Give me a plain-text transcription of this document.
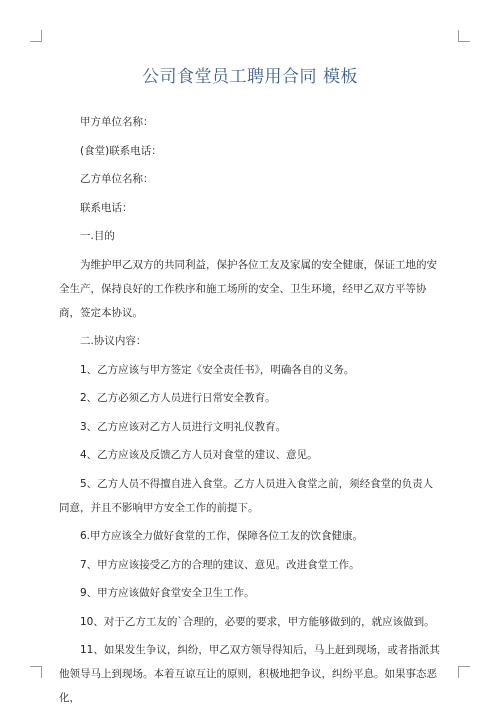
公司食堂员工聘用合同 模板

甲方单位名称：

(食堂)联系电话：

乙方单位名称：

联系电话：

一.目的

为维护甲乙双方的共同利益，保护各位工友及家属的安全健康，保证工地的安全生产，保持良好的工作秩序和施工场所的安全、卫生环境，经甲乙双方平等协商，签定本协议。

二.协议内容：

1、乙方应该与甲方签定《安全责任书》，明确各自的义务。

2、乙方必须乙方人员进行日常安全教育。

3、乙方应该对乙方人员进行文明礼仪教育。

4、乙方应该及反馈乙方人员对食堂的建议、意见。

5、乙方人员不得擅自进入食堂。乙方人员进入食堂之前，须经食堂的负责人同意，并且不影响甲方安全工作的前提下。

6.甲方应该全力做好食堂的工作，保障各位工友的饮食健康。

7、甲方应该接受乙方的合理的建议、意见。改进食堂工作。

9、甲方应该做好食堂安全卫生工作。

10、对于乙方工友的`合理的，必要的要求，甲方能够做到的，就应该做到。

11、如果发生争议，纠纷，甲乙双方领导得知后，马上赶到现场，或者指派其他领导马上到现场。本着互谅互让的原则，积极地把争议，纠纷平息。如果事态恶化，
